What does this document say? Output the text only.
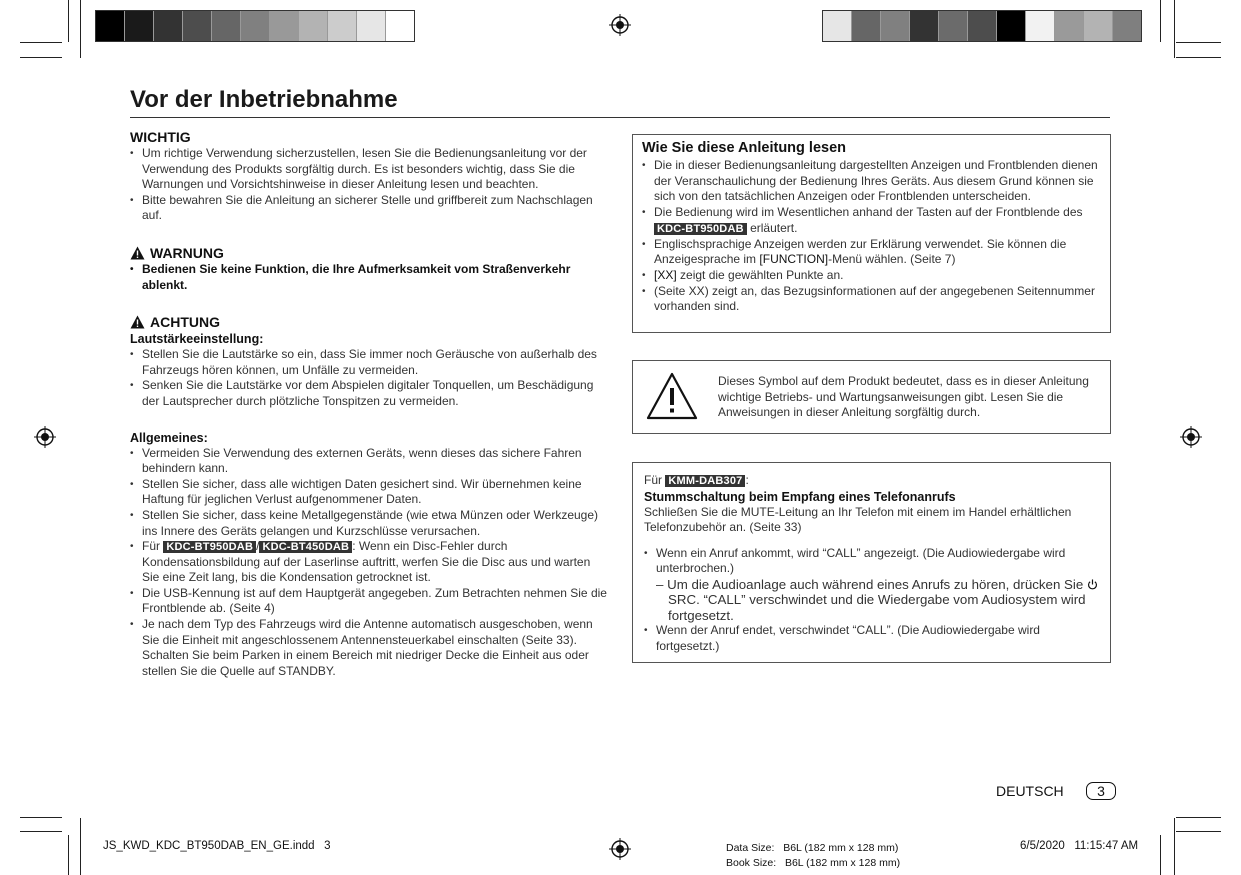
Vor der Inbetriebnahme
WICHTIG
• Um richtige Verwendung sicherzustellen, lesen Sie die Bedienungsanleitung vor der Verwendung des Produkts sorgfältig durch. Es ist besonders wichtig, dass Sie die Warnungen und Vorsichtshinweise in dieser Anleitung lesen und beachten.
• Bitte bewahren Sie die Anleitung an sicherer Stelle und griffbereit zum Nachschlagen auf.
WARNUNG
• Bedienen Sie keine Funktion, die Ihre Aufmerksamkeit vom Straßenverkehr ablenkt.
ACHTUNG
Lautstärkeeinstellung:
• Stellen Sie die Lautstärke so ein, dass Sie immer noch Geräusche von außerhalb des Fahrzeugs hören können, um Unfälle zu vermeiden.
• Senken Sie die Lautstärke vor dem Abspielen digitaler Tonquellen, um Beschädigung der Lautsprecher durch plötzliche Tonspitzen zu vermeiden.
Allgemeines:
• Vermeiden Sie Verwendung des externen Geräts, wenn dieses das sichere Fahren behindern kann.
• Stellen Sie sicher, dass alle wichtigen Daten gesichert sind. Wir übernehmen keine Haftung für jeglichen Verlust aufgenommener Daten.
• Stellen Sie sicher, dass keine Metallgegenstände (wie etwa Münzen oder Werkzeuge) ins Innere des Geräts gelangen und Kurzschlüsse verursachen.
• Für KDC-BT950DAB / KDC-BT450DAB : Wenn ein Disc-Fehler durch Kondensationsbildung auf der Laserlinse auftritt, werfen Sie die Disc aus und warten Sie eine Zeit lang, bis die Kondensation getrocknet ist.
• Die USB-Kennung ist auf dem Hauptgerät angegeben. Zum Betrachten nehmen Sie die Frontblende ab. (Seite 4)
• Je nach dem Typ des Fahrzeugs wird die Antenne automatisch ausgeschoben, wenn Sie die Einheit mit angeschlossenem Antennensteuerkabel einschalten (Seite 33). Schalten Sie beim Parken in einem Bereich mit niedriger Decke die Einheit aus oder stellen Sie die Quelle auf STANDBY.
Wie Sie diese Anleitung lesen
• Die in dieser Bedienungsanleitung dargestellten Anzeigen und Frontblenden dienen der Veranschaulichung der Bedienung Ihres Geräts. Aus diesem Grund können sie sich von den tatsächlichen Anzeigen oder Frontblenden unterscheiden.
• Die Bedienung wird im Wesentlichen anhand der Tasten auf der Frontblende des KDC-BT950DAB erläutert.
• Englischsprachige Anzeigen werden zur Erklärung verwendet. Sie können die Anzeigesprache im [FUNCTION]-Menü wählen. (Seite 7)
• [XX] zeigt die gewählten Punkte an.
• (Seite XX) zeigt an, das Bezugsinformationen auf der angegebenen Seitennummer vorhanden sind.
Dieses Symbol auf dem Produkt bedeutet, dass es in dieser Anleitung wichtige Betriebs- und Wartungsanweisungen gibt. Lesen Sie die Anweisungen in dieser Anleitung sorgfältig durch.
Für KMM-DAB307 :
Stummschaltung beim Empfang eines Telefonanrufs
Schließen Sie die MUTE-Leitung an Ihr Telefon mit einem im Handel erhältlichen Telefonzubehör an. (Seite 33)
• Wenn ein Anruf ankommt, wird “CALL” angezeigt. (Die Audiowiedergabe wird unterbrochen.)
– Um die Audioanlage auch während eines Anrufs zu hören, drücken Sie SRC. “CALL” verschwindet und die Wiedergabe vom Audiosystem wird fortgesetzt.
• Wenn der Anruf endet, verschwindet “CALL”. (Die Audiowiedergabe wird fortgesetzt.)
DEUTSCH	3
JS_KWD_KDC_BT950DAB_EN_GE.indd   3	Data Size:   B6L (182 mm x 128 mm)
Book Size:   B6L (182 mm x 128 mm)
6/5/2020   11:15:47 AM
